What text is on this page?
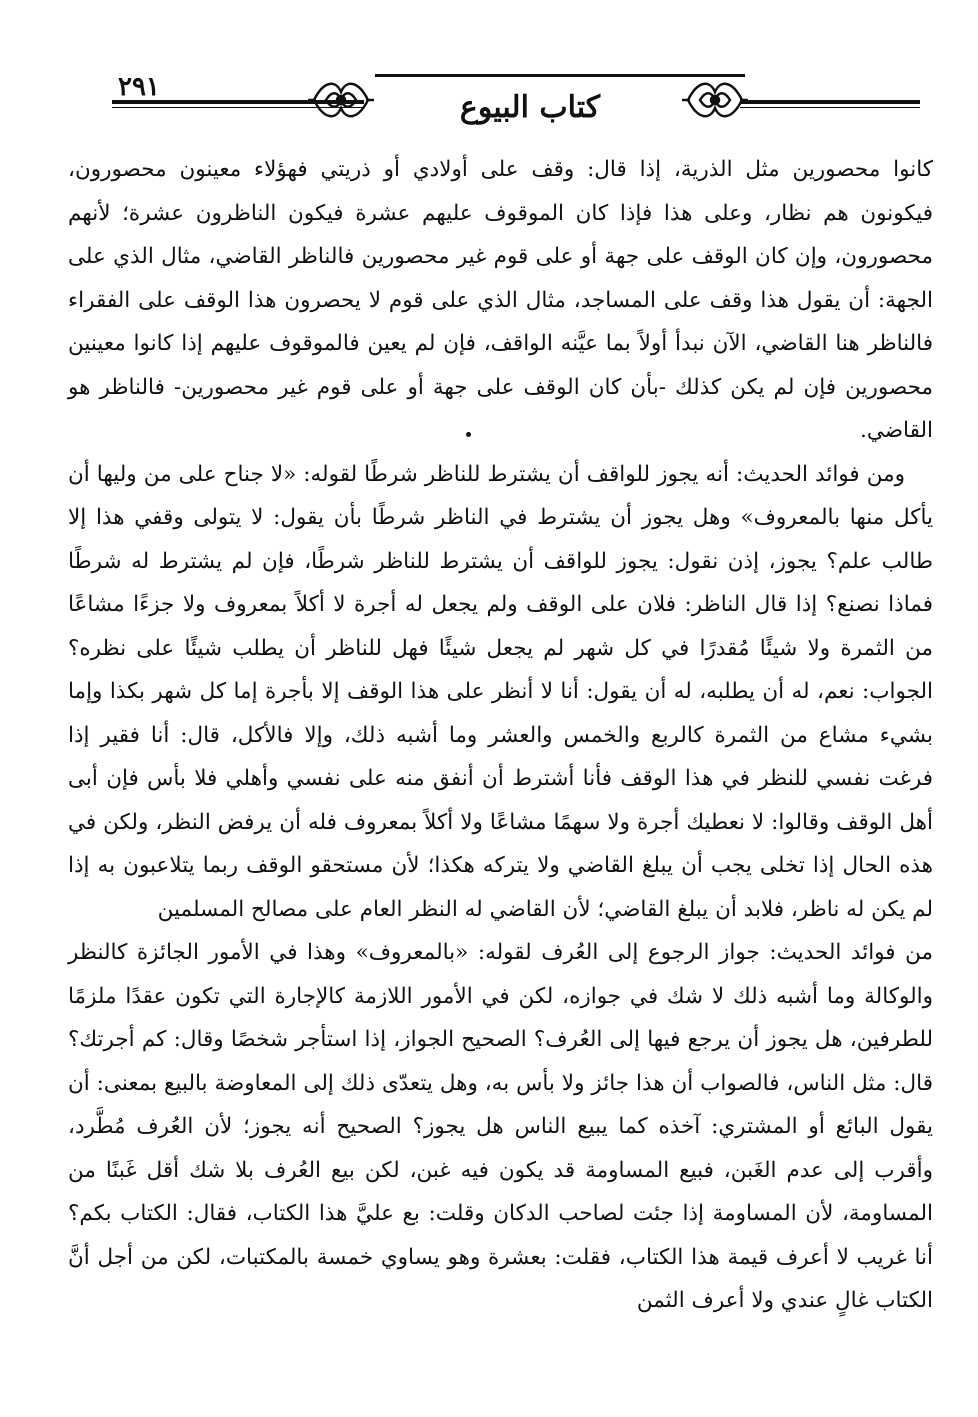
٢٩١
كتاب البيوع

كانوا محصورين مثل الذرية، إذا قال: وقف على أولادي أو ذريتي فهؤلاء معينون محصورون، فيكونون هم نظار، وعلى هذا فإذا كان الموقوف عليهم عشرة فيكون الناظرون عشرة؛ لأنهم محصورون، وإن كان الوقف على جهة أو على قوم غير محصورين فالناظر القاضي، مثال الذي على الجهة: أن يقول هذا وقف على المساجد، مثال الذي على قوم لا يحصرون هذا الوقف على الفقراء فالناظر هنا القاضي، الآن نبدأ أولاً بما عيَّنه الواقف، فإن لم يعين فالموقوف عليهم إذا كانوا معينين محصورين فإن لم يكن كذلك -بأن كان الوقف على جهة أو على قوم غير محصورين- فالناظر هو القاضي.

ومن فوائد الحديث: أنه يجوز للواقف أن يشترط للناظر شرطًا لقوله: «لا جناح على من وليها أن يأكل منها بالمعروف» وهل يجوز أن يشترط في الناظر شرطًا بأن يقول: لا يتولى وقفي هذا إلا طالب علم؟ يجوز، إذن نقول: يجوز للواقف أن يشترط للناظر شرطًا، فإن لم يشترط له شرطًا فماذا نصنع؟ إذا قال الناظر: فلان على الوقف ولم يجعل له أجرة لا أكلاً بمعروف ولا جزءًا مشاعًا من الثمرة ولا شيئًا مُقدرًا في كل شهر لم يجعل شيئًا فهل للناظر أن يطلب شيئًا على نظره؟ الجواب: نعم، له أن يطلبه، له أن يقول: أنا لا أنظر على هذا الوقف إلا بأجرة إما كل شهر بكذا وإما بشيء مشاع من الثمرة كالربع والخمس والعشر وما أشبه ذلك، وإلا فالأكل، قال: أنا فقير إذا فرغت نفسي للنظر في هذا الوقف فأنا أشترط أن أنفق منه على نفسي وأهلي فلا بأس فإن أبى أهل الوقف وقالوا: لا نعطيك أجرة ولا سهمًا مشاعًا ولا أكلاً بمعروف فله أن يرفض النظر، ولكن في هذه الحال إذا تخلى يجب أن يبلغ القاضي ولا يتركه هكذا؛ لأن مستحقو الوقف ربما يتلاعبون به إذا لم يكن له ناظر، فلابد أن يبلغ القاضي؛ لأن القاضي له النظر العام على مصالح المسلمين

من فوائد الحديث: جواز الرجوع إلى العُرف لقوله: «بالمعروف» وهذا في الأمور الجائزة كالنظر والوكالة وما أشبه ذلك لا شك في جوازه، لكن في الأمور اللازمة كالإجارة التي تكون عقدًا ملزمًا للطرفين، هل يجوز أن يرجع فيها إلى العُرف؟ الصحيح الجواز، إذا استأجر شخصًا وقال: كم أجرتك؟ قال: مثل الناس، فالصواب أن هذا جائز ولا بأس به، وهل يتعدّى ذلك إلى المعاوضة بالبيع بمعنى: أن يقول البائع أو المشتري: آخذه كما يبيع الناس هل يجوز؟ الصحيح أنه يجوز؛ لأن العُرف مُطَّرد، وأقرب إلى عدم الغَبن، فبيع المساومة قد يكون فيه غبن، لكن بيع العُرف بلا شك أقل غَبنًا من المساومة، لأن المساومة إذا جئت لصاحب الدكان وقلت: بع عليَّ هذا الكتاب، فقال: الكتاب بكم؟ أنا غريب لا أعرف قيمة هذا الكتاب، فقلت: بعشرة وهو يساوي خمسة بالمكتبات، لكن من أجل أنَّ الكتاب غالٍ عندي ولا أعرف الثمن
